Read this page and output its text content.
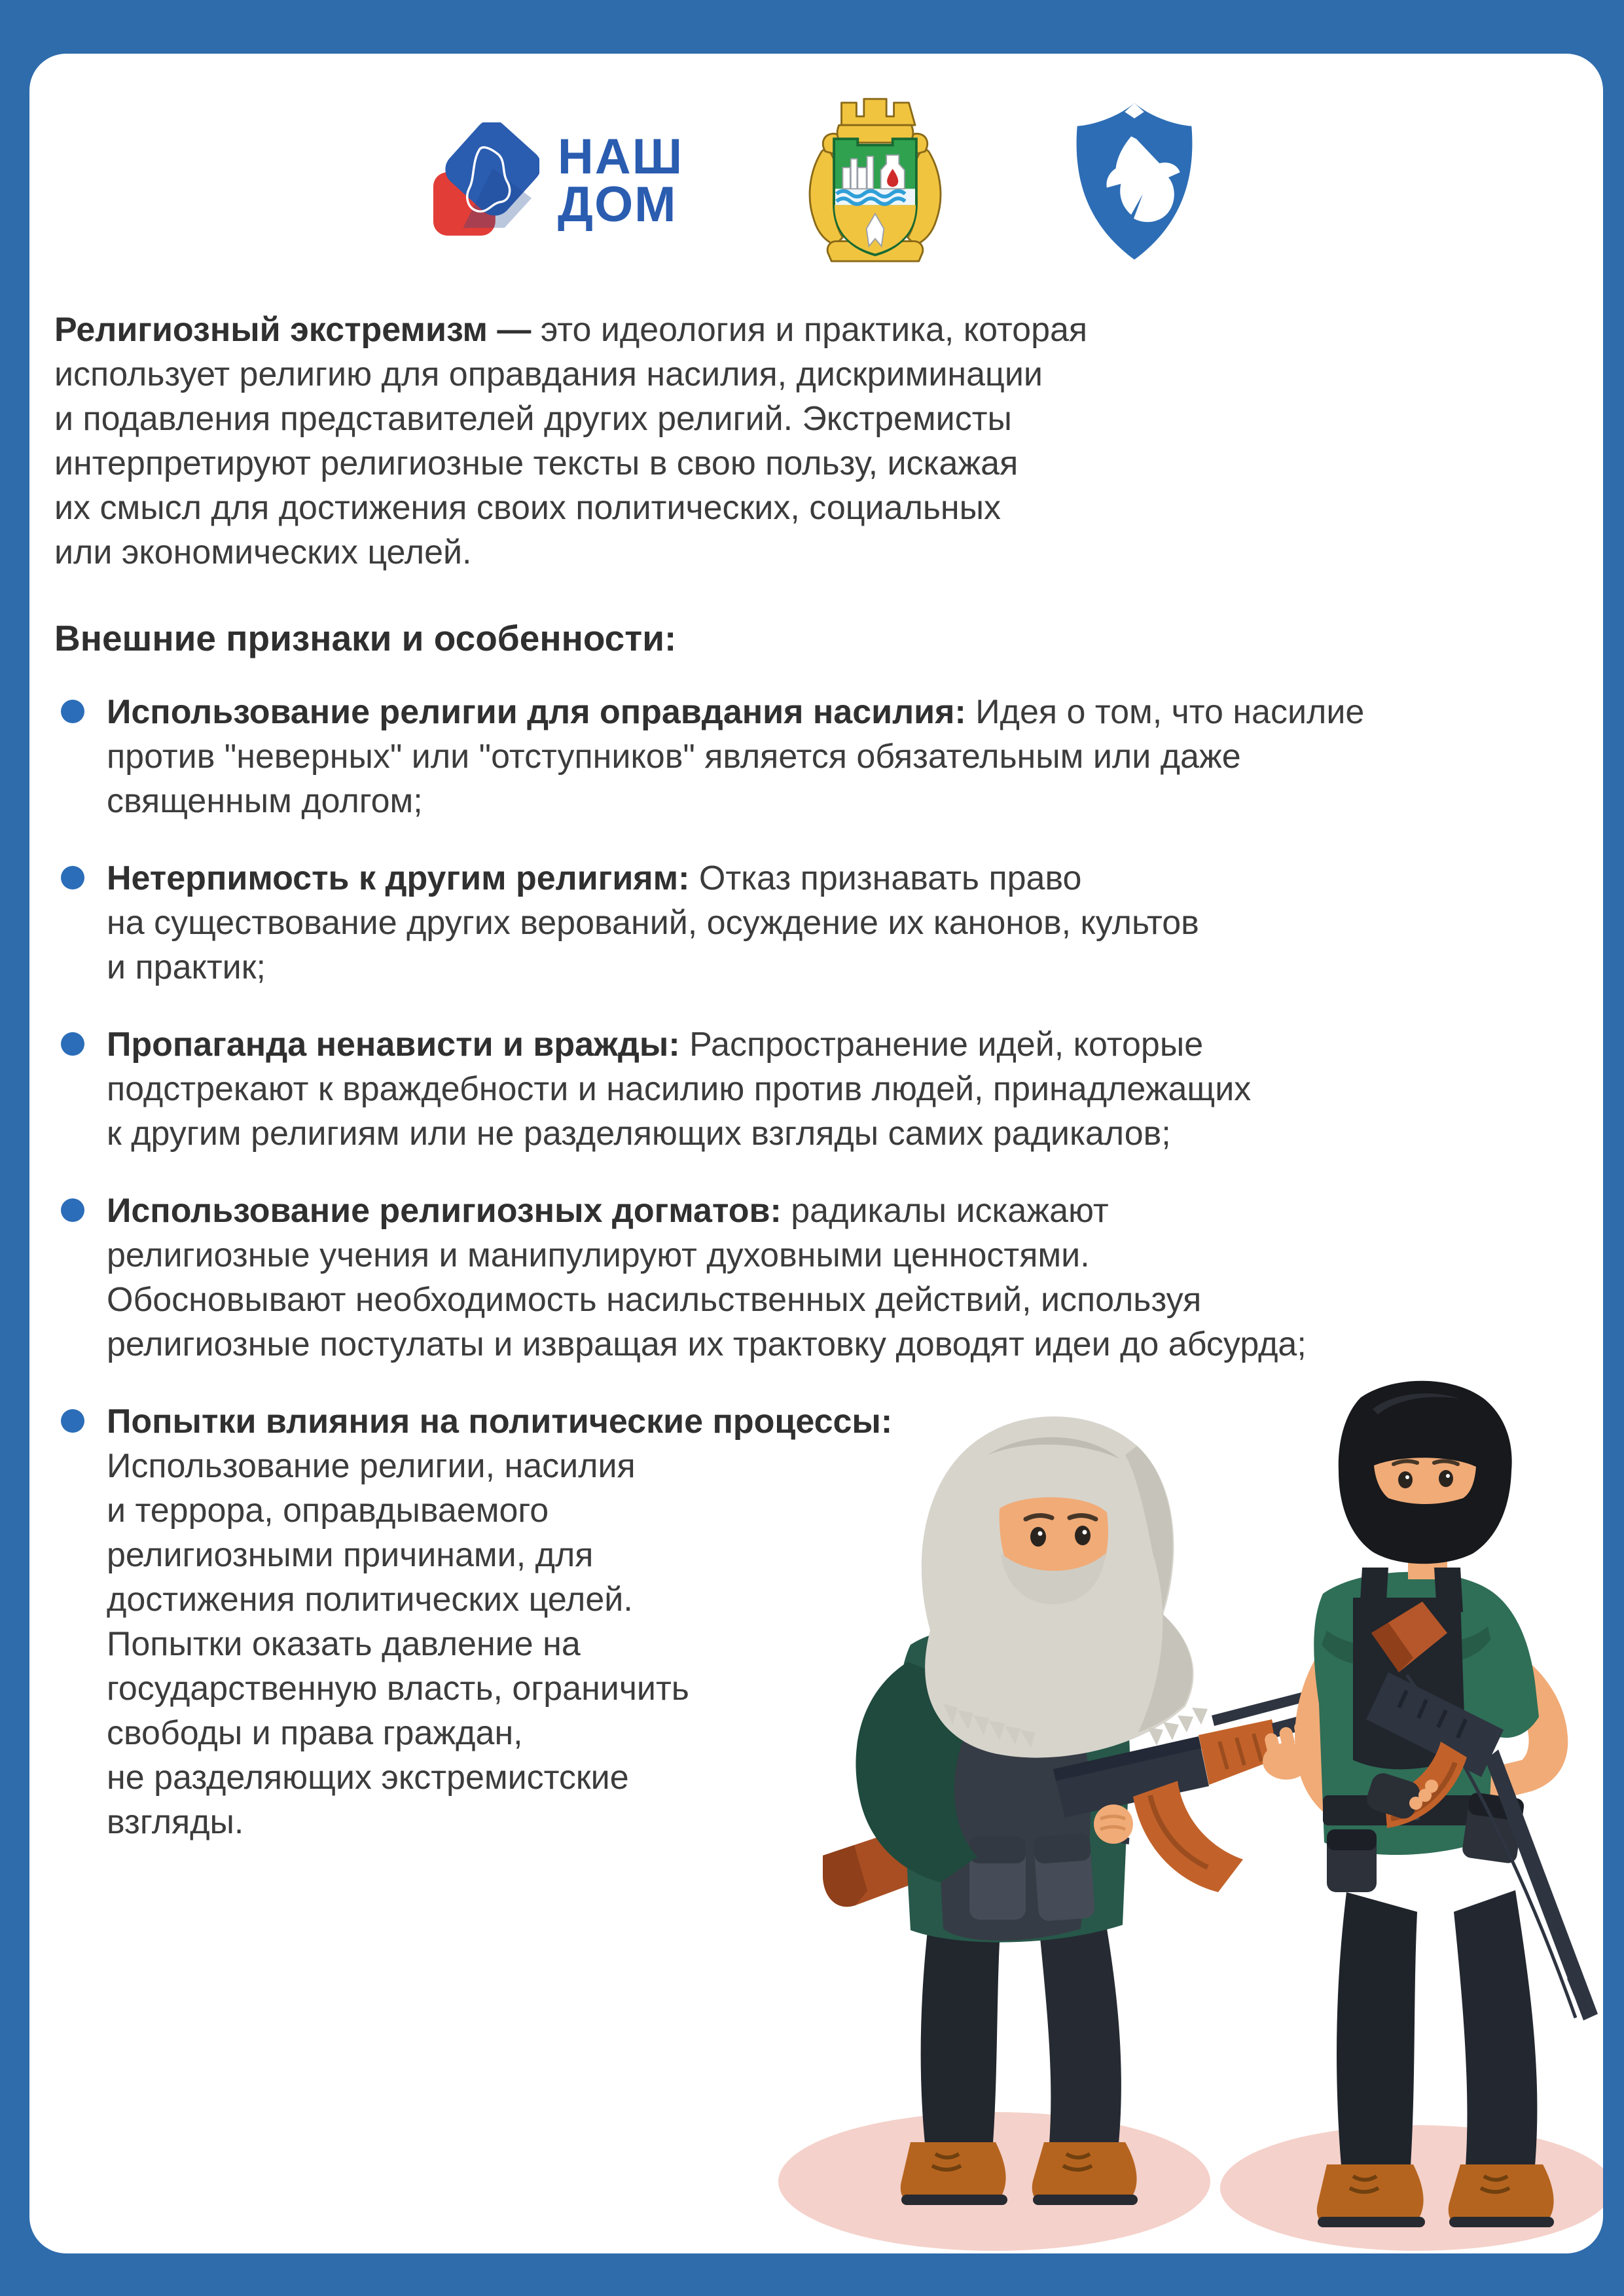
НАШ
ДОМ
Религиозный экстремизм — это идеология и практика, которая
использует религию для оправдания насилия, дискриминации
и подавления представителей других религий. Экстремисты
интерпретируют религиозные тексты в свою пользу, искажая
их смысл для достижения своих политических, социальных
или экономических целей.
Внешние признаки и особенности:
Использование религии для оправдания насилия: Идея о том, что насилие
против "неверных" или "отступников" является обязательным или даже
священным долгом;
Нетерпимость к другим религиям: Отказ признавать право
на существование других верований, осуждение их канонов, культов
и практик;
Пропаганда ненависти и вражды: Распространение идей, которые
подстрекают к враждебности и насилию против людей, принадлежащих
к другим религиям или не разделяющих взгляды самих радикалов;
Использование религиозных догматов: радикалы искажают
религиозные учения и манипулируют духовными ценностями.
Обосновывают необходимость насильственных действий, используя
религиозные постулаты и извращая их трактовку доводят идеи до абсурда;
Попытки влияния на политические процессы:
Использование религии, насилия
и террора, оправдываемого
религиозными причинами, для
достижения политических целей.
Попытки оказать давление на
государственную власть, ограничить
свободы и права граждан,
не разделяющих экстремистские
взгляды.
